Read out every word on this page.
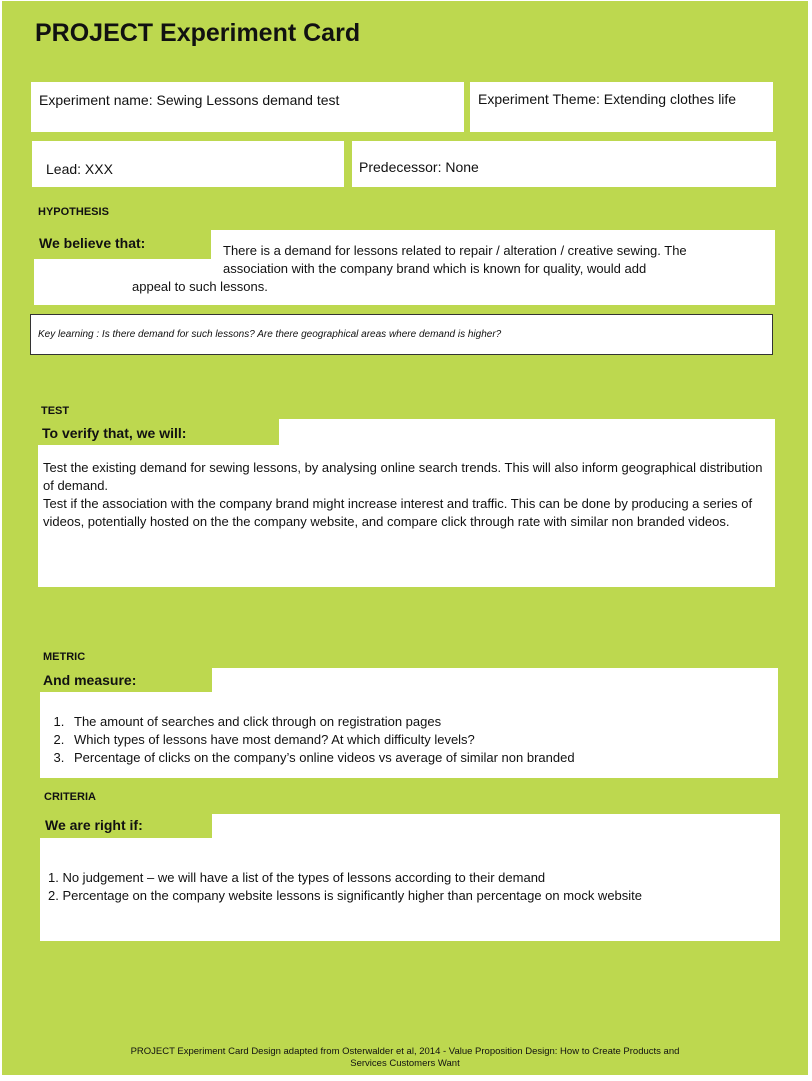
PROJECT Experiment Card
Experiment name: Sewing Lessons demand test	Experiment Theme: Extending clothes life
Lead: XXX	Predecessor: None
HYPOTHESIS
We believe that:	There is a demand for lessons related to repair / alteration / creative sewing. The
association with the company brand which is known for quality, would add
appeal to such lessons.
Key learning : Is there demand for such lessons? Are there geographical areas where demand is higher?
TEST
To verify that, we will:
Test the existing demand for sewing lessons, by analysing online search trends. This will also inform geographical distribution of demand.
Test if the association with the company brand might increase interest and traffic. This can be done by producing a series of videos, potentially hosted on the the company website, and compare click through rate with similar non branded videos.
METRIC
And measure:
1. The amount of searches and click through on registration pages
2. Which types of lessons have most demand? At which difficulty levels?
3. Percentage of clicks on the company’s online videos vs average of similar non branded
CRITERIA
We are right if:
1. No judgement – we will have a list of the types of lessons according to their demand
2. Percentage on the company website lessons is significantly higher than percentage on mock website
PROJECT Experiment Card Design adapted from Osterwalder et al, 2014 - Value Proposition Design: How to Create Products and
Services Customers Want
